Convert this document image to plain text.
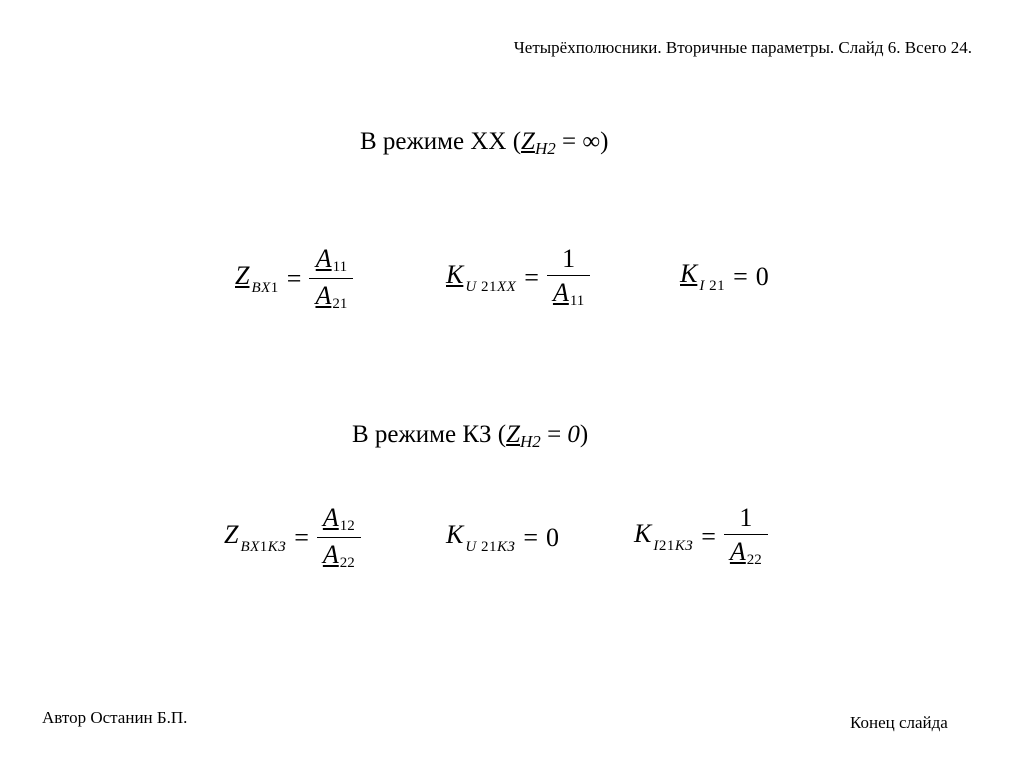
Четырёхполюсники. Вторичные параметры. Слайд 6. Всего 24.
В режиме XX ($Z_{H2}$ = ∞)
Z $_{BX1} = \frac{A11}{A21}$	K $_{U 21XX} = \frac{1}{A11}$	K $_{I 21}$ = 0
В режиме КЗ $(Z_{H2} = 0)$
Z $_{BX1КЗ} = \frac{A12}{A22}$	K $_{U 21КЗ}$ = 0	K $_{I21КЗ} = \frac{1}{A22}$
Автор Останин Б.П.	Конец слайда
